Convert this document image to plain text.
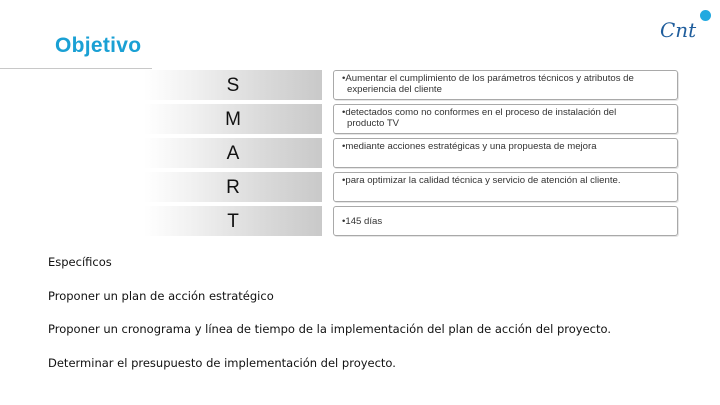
Objetivo
Cnt
S	•Aumentar el cumplimiento de los parámetros técnicos y atributos de experiencia del cliente
M	•detectados como no conformes en el proceso de instalación del producto TV
A	•mediante acciones estratégicas y una propuesta de mejora
R	•para optimizar la calidad técnica y servicio de atención al cliente.
T	•145 días
Específicos
Proponer un plan de acción estratégico
Proponer un cronograma y línea de tiempo de la implementación del plan de acción del proyecto.
Determinar el presupuesto de implementación del proyecto.
